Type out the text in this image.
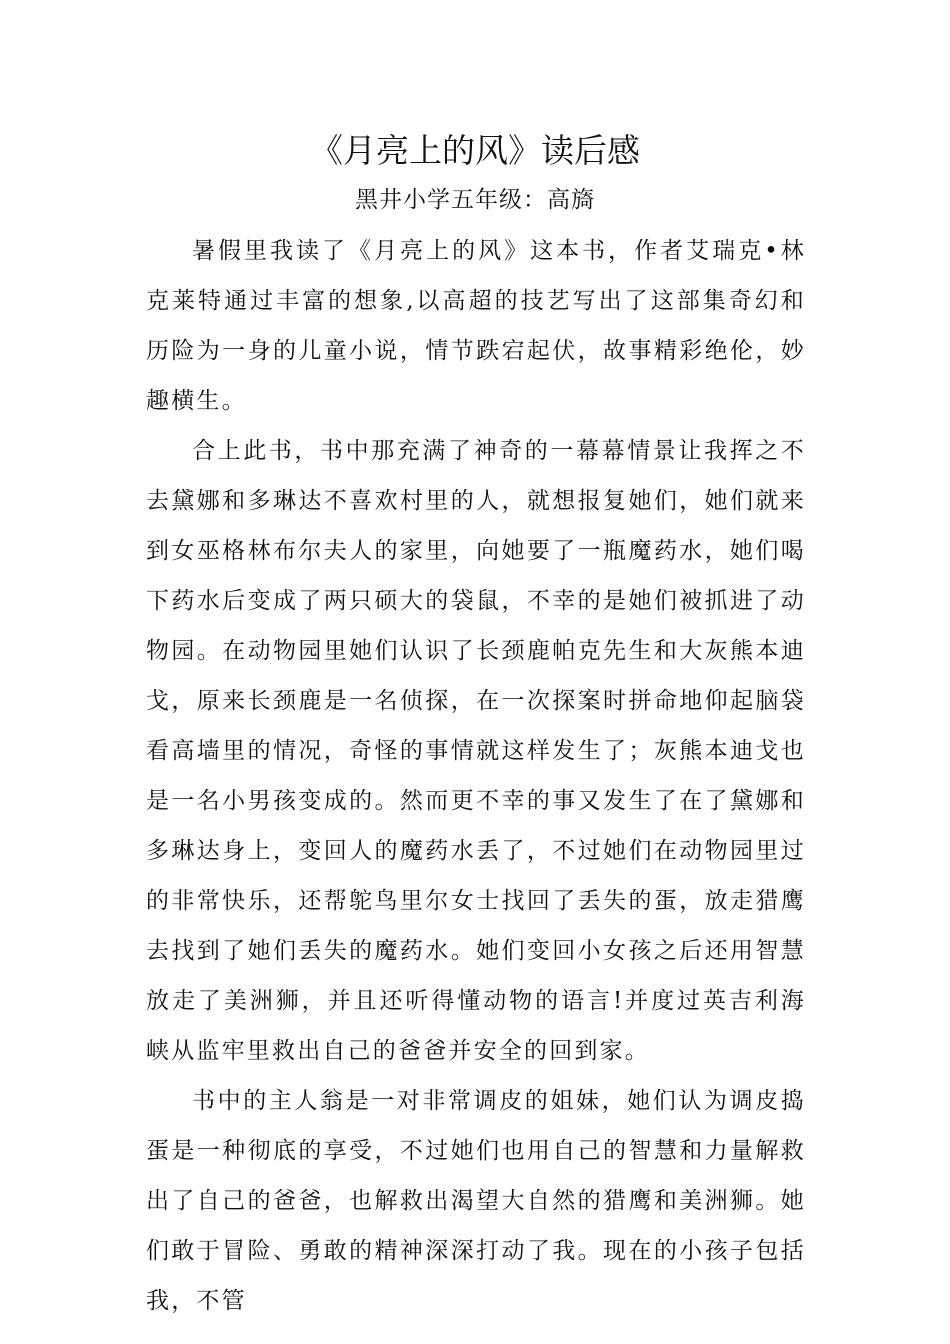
《月亮上的风》读后感
黑井小学五年级：高旖

暑假里我读了《月亮上的风》这本书，作者艾瑞克•林克莱特通过丰富的想象,以高超的技艺写出了这部集奇幻和历险为一身的儿童小说，情节跌宕起伏，故事精彩绝伦，妙趣横生。

合上此书，书中那充满了神奇的一幕幕情景让我挥之不去黛娜和多琳达不喜欢村里的人，就想报复她们，她们就来到女巫格林布尔夫人的家里，向她要了一瓶魔药水，她们喝下药水后变成了两只硕大的袋鼠，不幸的是她们被抓进了动物园。在动物园里她们认识了长颈鹿帕克先生和大灰熊本迪戈，原来长颈鹿是一名侦探，在一次探案时拼命地仰起脑袋看高墙里的情况，奇怪的事情就这样发生了；灰熊本迪戈也是一名小男孩变成的。然而更不幸的事又发生了在了黛娜和多琳达身上，变回人的魔药水丢了，不过她们在动物园里过的非常快乐，还帮鸵鸟里尔女士找回了丢失的蛋，放走猎鹰去找到了她们丢失的魔药水。她们变回小女孩之后还用智慧放走了美洲狮，并且还听得懂动物的语言!并度过英吉利海峡从监牢里救出自己的爸爸并安全的回到家。

书中的主人翁是一对非常调皮的姐妹，她们认为调皮捣蛋是一种彻底的享受，不过她们也用自己的智慧和力量解救出了自己的爸爸，也解救出渴望大自然的猎鹰和美洲狮。她们敢于冒险、勇敢的精神深深打动了我。现在的小孩子包括我，不管
